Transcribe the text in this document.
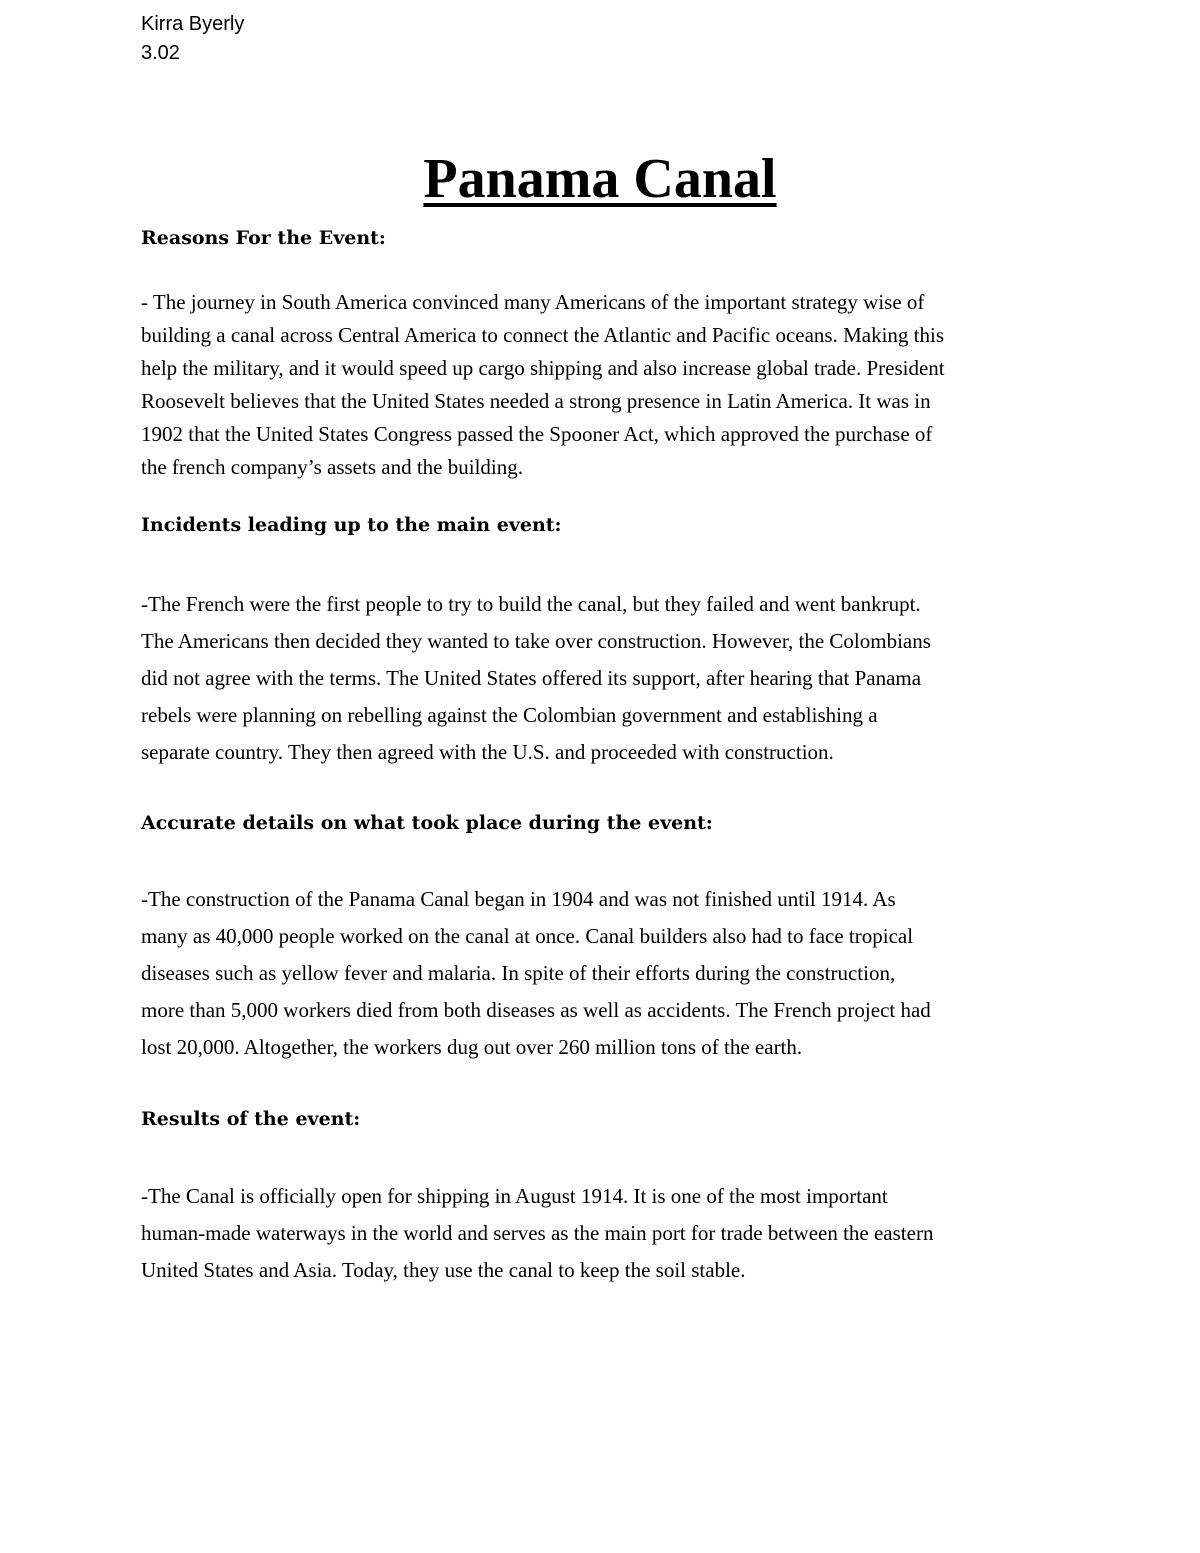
Kirra Byerly
3.02
Panama Canal
Reasons For the Event:
- The journey in South America convinced many Americans of the important strategy wise of
building a canal across Central America to connect the Atlantic and Pacific oceans. Making this
help the military, and it would speed up cargo shipping and also increase global trade. President
Roosevelt believes that the United States needed a strong presence in Latin America. It was in
1902 that the United States Congress passed the Spooner Act, which approved the purchase of
the french company’s assets and the building.
Incidents leading up to the main event:
-The French were the first people to try to build the canal, but they failed and went bankrupt.
The Americans then decided they wanted to take over construction. However, the Colombians
did not agree with the terms. The United States offered its support, after hearing that Panama
rebels were planning on rebelling against the Colombian government and establishing a
separate country. They then agreed with the U.S. and proceeded with construction.
Accurate details on what took place during the event:
-The construction of the Panama Canal began in 1904 and was not finished until 1914. As
many as 40,000 people worked on the canal at once. Canal builders also had to face tropical
diseases such as yellow fever and malaria. In spite of their efforts during the construction,
more than 5,000 workers died from both diseases as well as accidents. The French project had
lost 20,000. Altogether, the workers dug out over 260 million tons of the earth.
Results of the event:
-The Canal is officially open for shipping in August 1914. It is one of the most important
human-made waterways in the world and serves as the main port for trade between the eastern
United States and Asia. Today, they use the canal to keep the soil stable.
